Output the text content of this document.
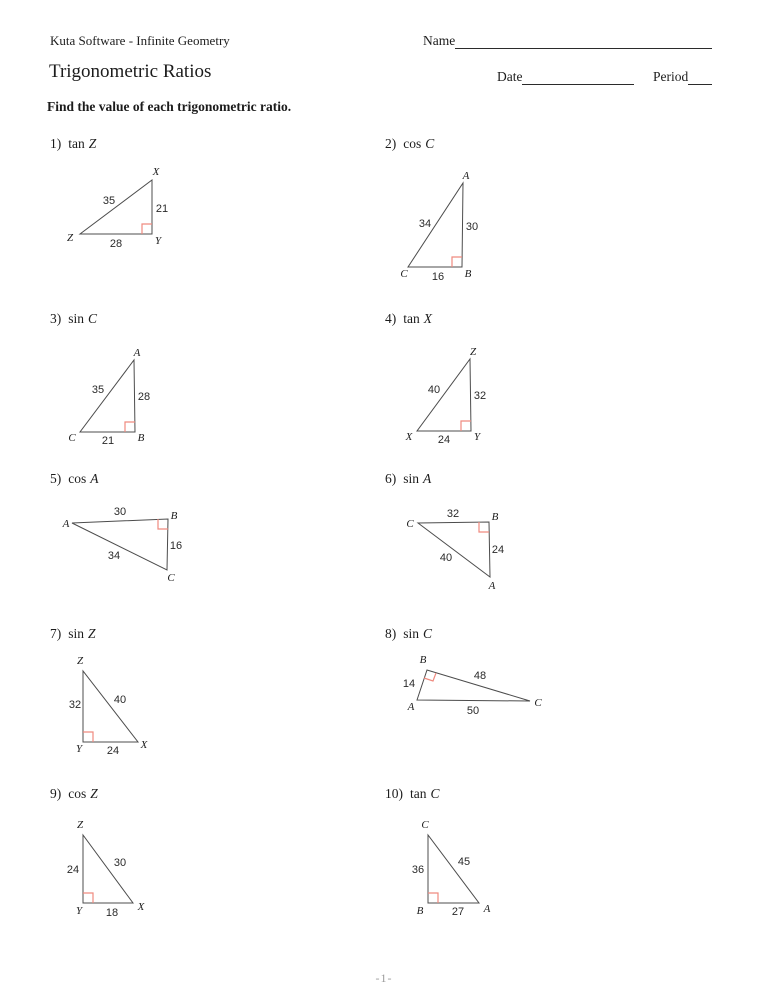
Kuta Software - Infinite Geometry	Name
Trigonometric Ratios	Date	Period
Find the value of each trigonometric ratio.
1) tan Z
Z	Y
X
35
21
28
2) cos C
C	B
A
34	30
16
3) sin C
C	B
A
35
28
21
4) tan X
X	Y
Z
40	32
24
5) cos A
A
B
C
30
34
16
6) sin A
C
B
A
32
40
24
7) sin Z
Z
Y	X
32	40
24
8) sin C
B
A	C
14
48
50
9) cos Z
Z
Y	X
24
30
18
10) tan C
C
B	A
36
45
27
-1-
